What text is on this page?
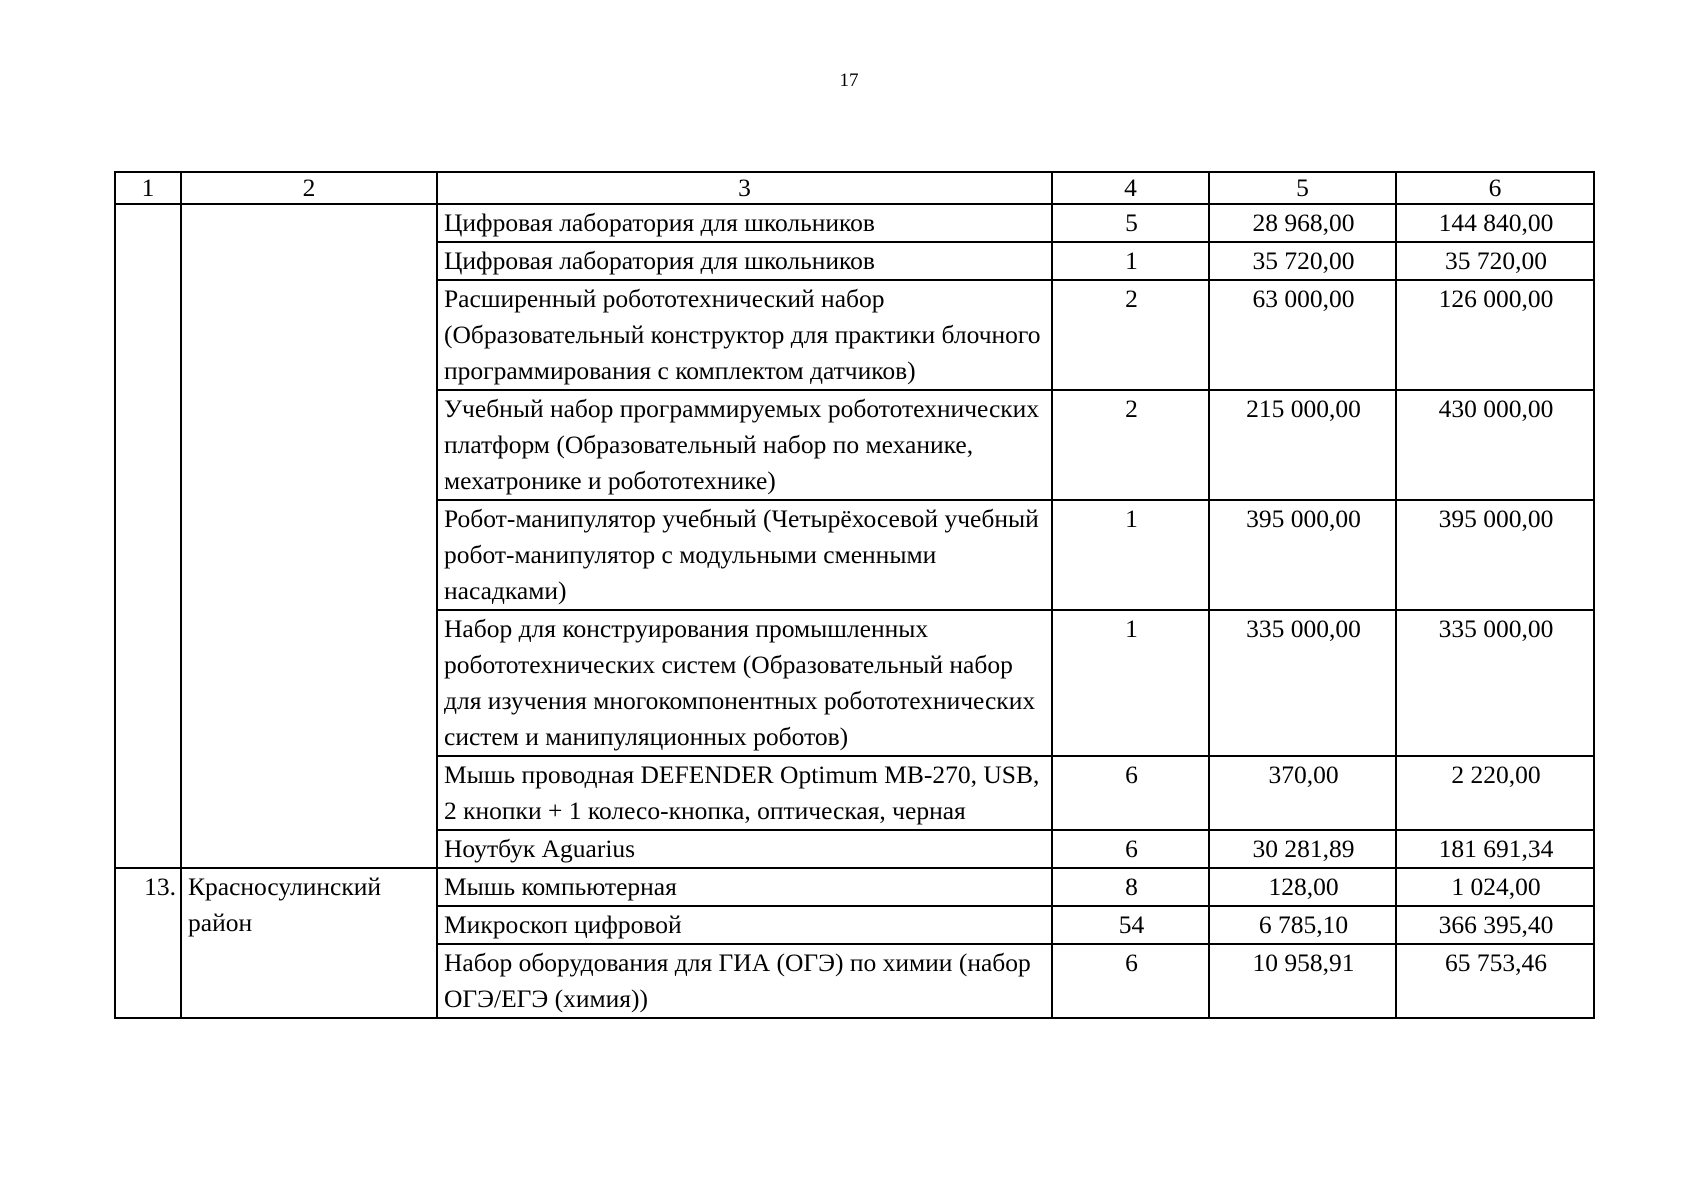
17
1	2	3	4	5	6
		Цифровая лаборатория для школьников	5	28 968,00	144 840,00
		Цифровая лаборатория для школьников	1	35 720,00	35 720,00
		Расширенный робототехнический набор (Образовательный конструктор для практики блочного программирования с комплектом датчиков)	2	63 000,00	126 000,00
		Учебный набор программируемых робототехнических платформ (Образовательный набор по механике, мехатронике и робототехнике)	2	215 000,00	430 000,00
		Робот-манипулятор учебный (Четырёхосевой учебный робот-манипулятор с модульными сменными насадками)	1	395 000,00	395 000,00
		Набор для конструирования промышленных робототехнических систем (Образовательный набор для изучения многокомпонентных робототехнических систем и манипуляционных роботов)	1	335 000,00	335 000,00
		Мышь проводная DEFENDER Optimum MB-270, USB, 2 кнопки + 1 колесо-кнопка, оптическая, черная	6	370,00	2 220,00
		Ноутбук Aguarius	6	30 281,89	181 691,34
13.	Красносулинский район	Мышь компьютерная	8	128,00	1 024,00
		Микроскоп цифровой	54	6 785,10	366 395,40
		Набор оборудования для ГИА (ОГЭ) по химии (набор ОГЭ/ЕГЭ (химия))	6	10 958,91	65 753,46
